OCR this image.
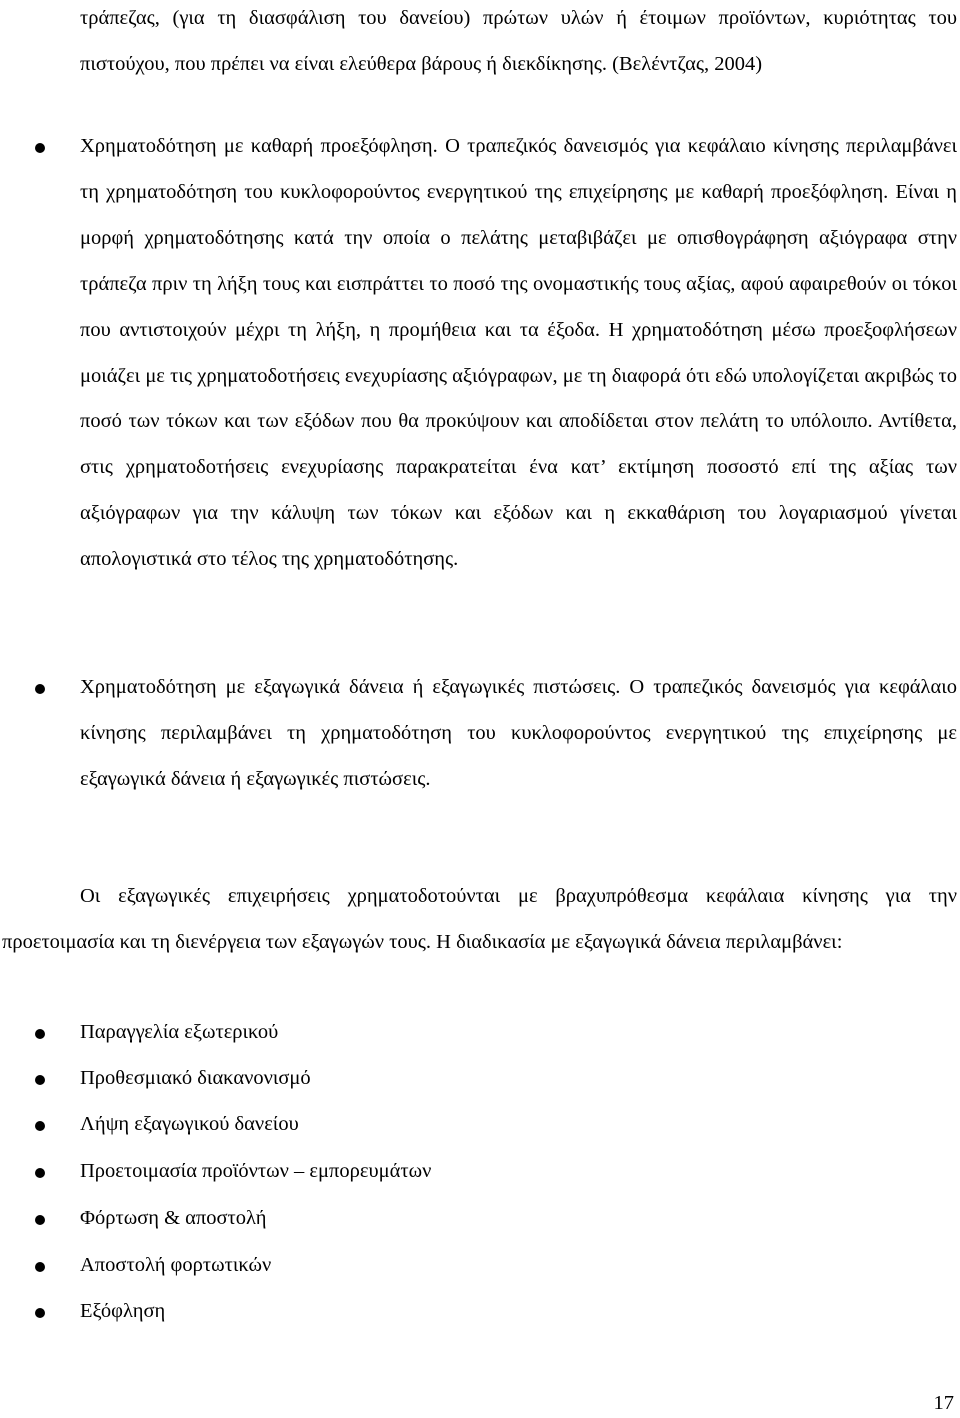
τράπεζας, (για τη διασφάλιση του δανείου) πρώτων υλών ή έτοιμων προϊόντων, κυριότητας του πιστούχου, που πρέπει να είναι ελεύθερα βάρους ή διεκδίκησης. (Βελέντζας, 2004)

Χρηματοδότηση με καθαρή προεξόφληση. Ο τραπεζικός δανεισμός για κεφάλαιο κίνησης περιλαμβάνει τη χρηματοδότηση του κυκλοφορούντος ενεργητικού της επιχείρησης με καθαρή προεξόφληση. Είναι η μορφή χρηματοδότησης κατά την οποία ο πελάτης μεταβιβάζει με οπισθογράφηση αξιόγραφα στην τράπεζα πριν τη λήξη τους και εισπράττει το ποσό της ονομαστικής τους αξίας, αφού αφαιρεθούν οι τόκοι που αντιστοιχούν μέχρι τη λήξη, η προμήθεια και τα έξοδα. Η χρηματοδότηση μέσω προεξοφλήσεων μοιάζει με τις χρηματοδοτήσεις ενεχυρίασης αξιόγραφων, με τη διαφορά ότι εδώ υπολογίζεται ακριβώς το ποσό των τόκων και των εξόδων που θα προκύψουν και αποδίδεται στον πελάτη το υπόλοιπο. Αντίθετα, στις χρηματοδοτήσεις ενεχυρίασης παρακρατείται ένα κατ’ εκτίμηση ποσοστό επί της αξίας των αξιόγραφων για την κάλυψη των τόκων και εξόδων και η εκκαθάριση του λογαριασμού γίνεται απολογιστικά στο τέλος της χρηματοδότησης.

Χρηματοδότηση με εξαγωγικά δάνεια ή εξαγωγικές πιστώσεις. Ο τραπεζικός δανεισμός για κεφάλαιο κίνησης περιλαμβάνει τη χρηματοδότηση του κυκλοφορούντος ενεργητικού της επιχείρησης με εξαγωγικά δάνεια ή εξαγωγικές πιστώσεις.

Οι εξαγωγικές επιχειρήσεις χρηματοδοτούνται με βραχυπρόθεσμα κεφάλαια κίνησης για την προετοιμασία και τη διενέργεια των εξαγωγών τους. Η διαδικασία με εξαγωγικά δάνεια περιλαμβάνει:

Παραγγελία εξωτερικού
Προθεσμιακό διακανονισμό
Λήψη εξαγωγικού δανείου
Προετοιμασία προϊόντων – εμπορευμάτων
Φόρτωση & αποστολή
Αποστολή φορτωτικών
Εξόφληση
17
